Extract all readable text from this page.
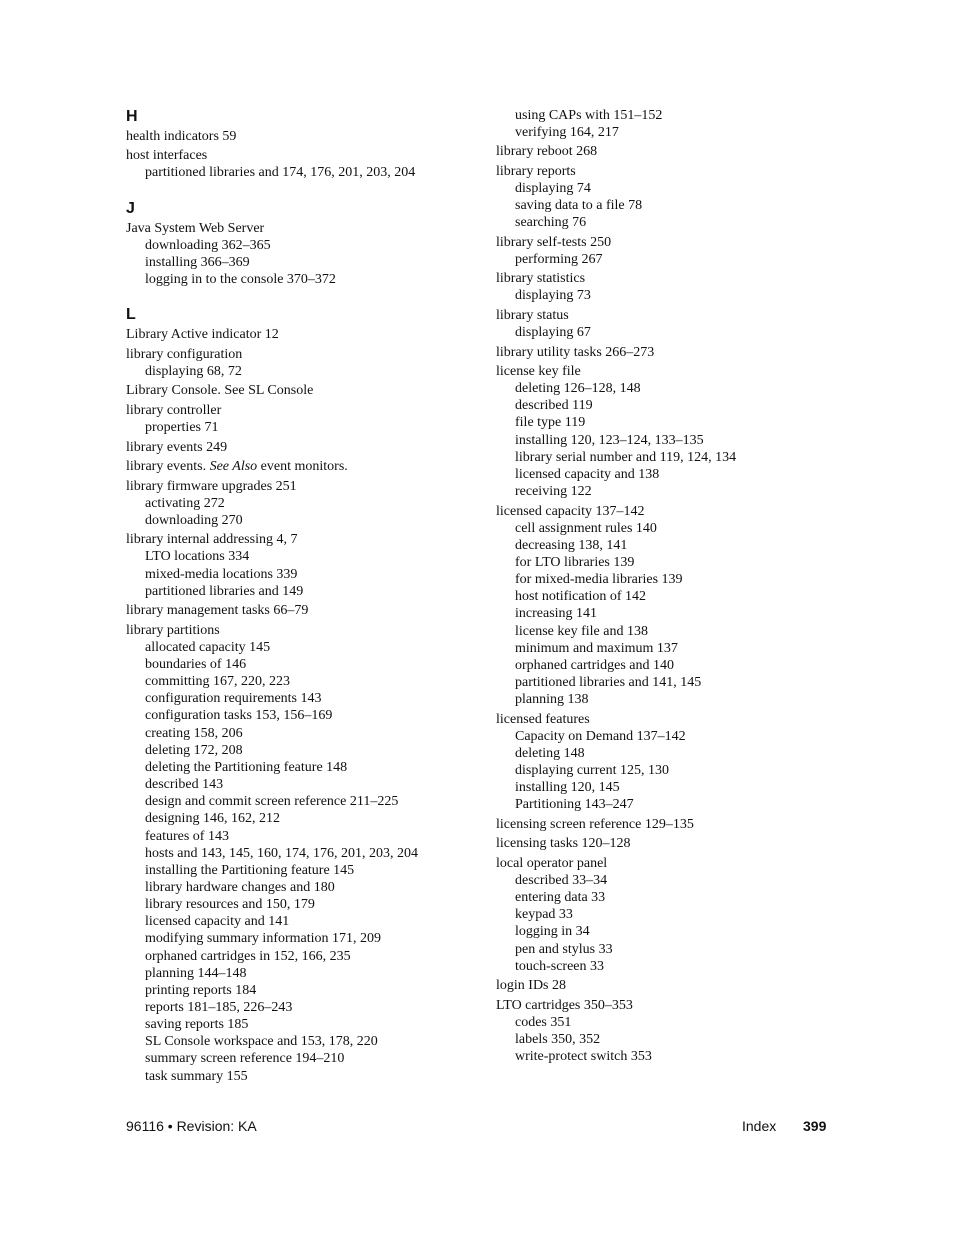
H
health indicators 59
host interfaces
partitioned libraries and 174, 176, 201, 203, 204
J
Java System Web Server
downloading 362–365
installing 366–369
logging in to the console 370–372
L
Library Active indicator 12
library configuration
displaying 68, 72
Library Console. See SL Console
library controller
properties 71
library events 249
library events. See Also event monitors.
library firmware upgrades 251
activating 272
downloading 270
library internal addressing 4, 7
LTO locations 334
mixed-media locations 339
partitioned libraries and 149
library management tasks 66–79
library partitions
allocated capacity 145
boundaries of 146
committing 167, 220, 223
configuration requirements 143
configuration tasks 153, 156–169
creating 158, 206
deleting 172, 208
deleting the Partitioning feature 148
described 143
design and commit screen reference 211–225
designing 146, 162, 212
features of 143
hosts and 143, 145, 160, 174, 176, 201, 203, 204
installing the Partitioning feature 145
library hardware changes and 180
library resources and 150, 179
licensed capacity and 141
modifying summary information 171, 209
orphaned cartridges in 152, 166, 235
planning 144–148
printing reports 184
reports 181–185, 226–243
saving reports 185
SL Console workspace and 153, 178, 220
summary screen reference 194–210
task summary 155
using CAPs with 151–152
verifying 164, 217
library reboot 268
library reports
displaying 74
saving data to a file 78
searching 76
library self-tests 250
performing 267
library statistics
displaying 73
library status
displaying 67
library utility tasks 266–273
license key file
deleting 126–128, 148
described 119
file type 119
installing 120, 123–124, 133–135
library serial number and 119, 124, 134
licensed capacity and 138
receiving 122
licensed capacity 137–142
cell assignment rules 140
decreasing 138, 141
for LTO libraries 139
for mixed-media libraries 139
host notification of 142
increasing 141
license key file and 138
minimum and maximum 137
orphaned cartridges and 140
partitioned libraries and 141, 145
planning 138
licensed features
Capacity on Demand 137–142
deleting 148
displaying current 125, 130
installing 120, 145
Partitioning 143–247
licensing screen reference 129–135
licensing tasks 120–128
local operator panel
described 33–34
entering data 33
keypad 33
logging in 34
pen and stylus 33
touch-screen 33
login IDs 28
LTO cartridges 350–353
codes 351
labels 350, 352
write-protect switch 353
96116 • Revision: KA	Index 399
